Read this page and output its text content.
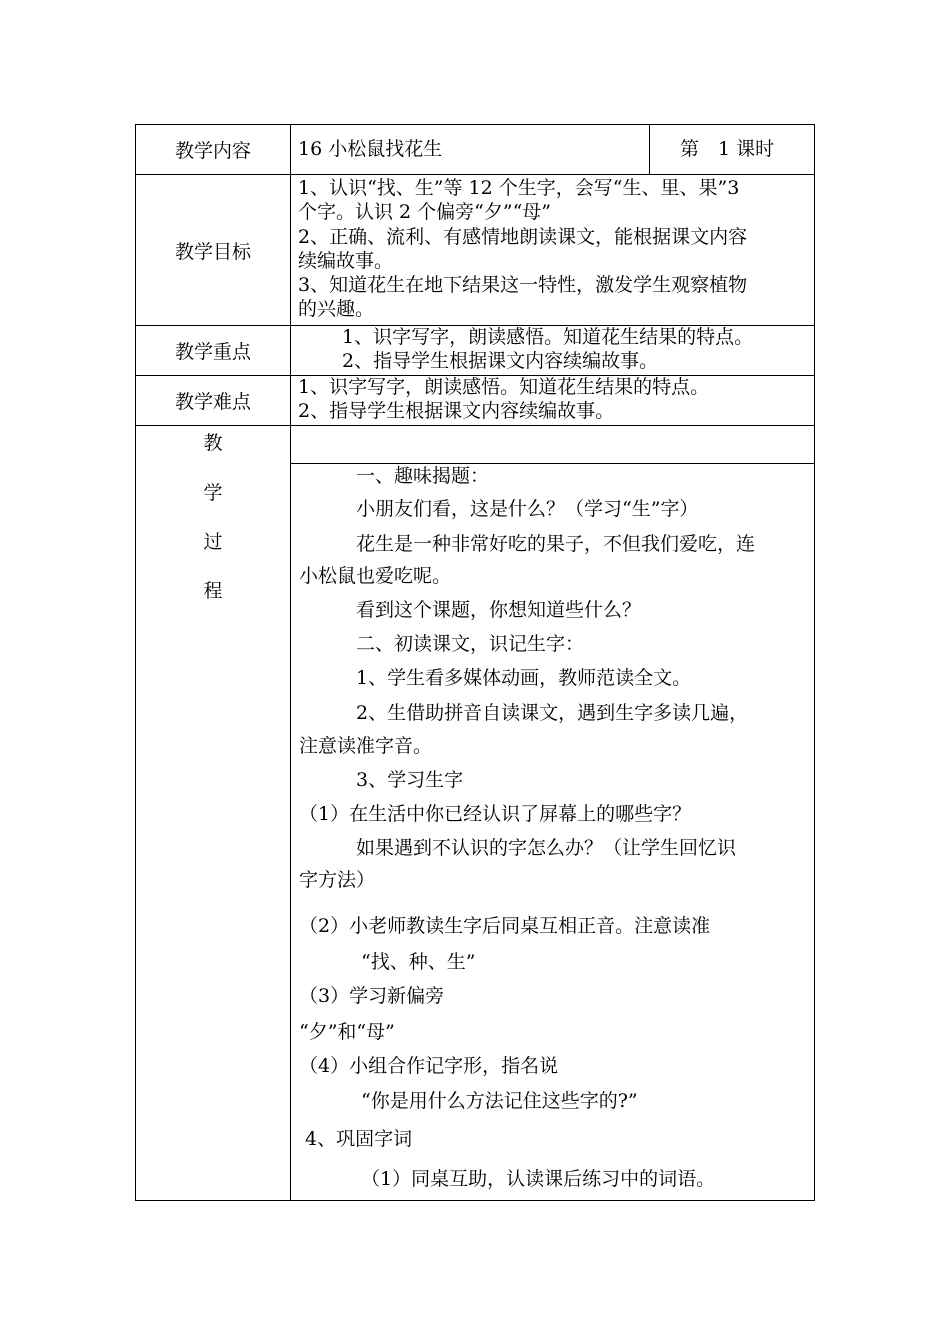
教学内容	16 小松鼠找花生	第　1 课时
教学目标
1、认识“找、生”等 12 个生字，会写“生、里、果”3
个字。认识 2 个偏旁“夕”“母”
2、正确、流利、有感情地朗读课文，能根据课文内容
续编故事。
3、知道花生在地下结果这一特性，激发学生观察植物
的兴趣。
教学重点
1、识字写字，朗读感悟。知道花生结果的特点。
2、指导学生根据课文内容续编故事。
教学难点
1、识字写字，朗读感悟。知道花生结果的特点。
2、指导学生根据课文内容续编故事。
教
学
过
程
一、趣味揭题：
小朋友们看，这是什么？（学习“生”字）
花生是一种非常好吃的果子，不但我们爱吃，连
小松鼠也爱吃呢。
看到这个课题，你想知道些什么？
二、初读课文，识记生字：
1、学生看多媒体动画，教师范读全文。
2、生借助拼音自读课文，遇到生字多读几遍，
注意读准字音。
3、学习生字
（1）在生活中你已经认识了屏幕上的哪些字？
如果遇到不认识的字怎么办？（让学生回忆识
字方法）
（2）小老师教读生字后同桌互相正音。注意读准
“找、种、生”
（3）学习新偏旁
“夕”和“母”
（4）小组合作记字形，指名说
“你是用什么方法记住这些字的?”
4、巩固字词
（1）同桌互助，认读课后练习中的词语。
